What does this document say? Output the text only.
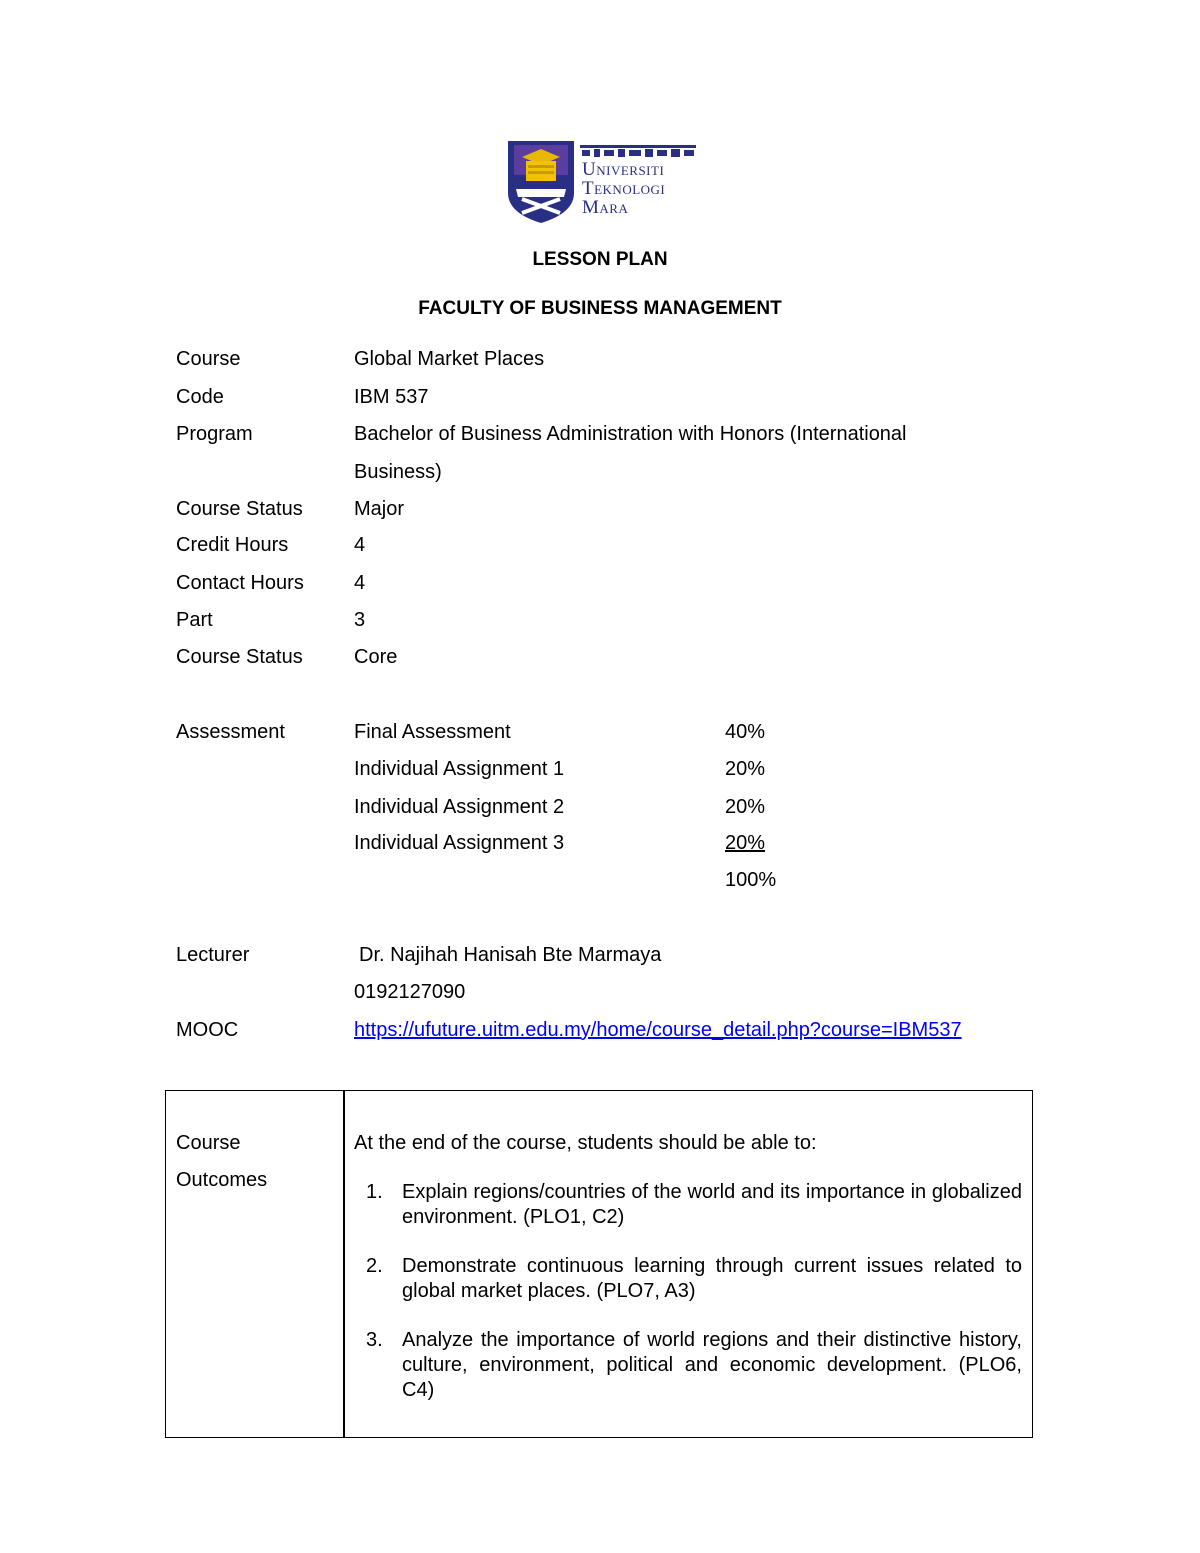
Universiti
Teknologi
Mara
LESSON PLAN
FACULTY OF BUSINESS MANAGEMENT
Course	Global Market Places
Code	IBM 537
Program	Bachelor of Business Administration with Honors (International
Business)
Course Status	Major
Credit Hours	4
Contact Hours	4
Part	3
Course Status	Core
Assessment	Final Assessment	40%
Individual Assignment 1	20%
Individual Assignment 2	20%
Individual Assignment 3	20%
100%
Lecturer	Dr. Najihah Hanisah Bte Marmaya
0192127090
MOOC	https://ufuture.uitm.edu.my/home/course_detail.php?course=IBM537
Course
Outcomes
At the end of the course, students should be able to:
1. Explain regions/countries of the world and its importance in globalized environment. (PLO1, C2)
2. Demonstrate continuous learning through current issues related to global market places. (PLO7, A3)
3. Analyze the importance of world regions and their distinctive history, culture, environment, political and economic development. (PLO6, C4)
